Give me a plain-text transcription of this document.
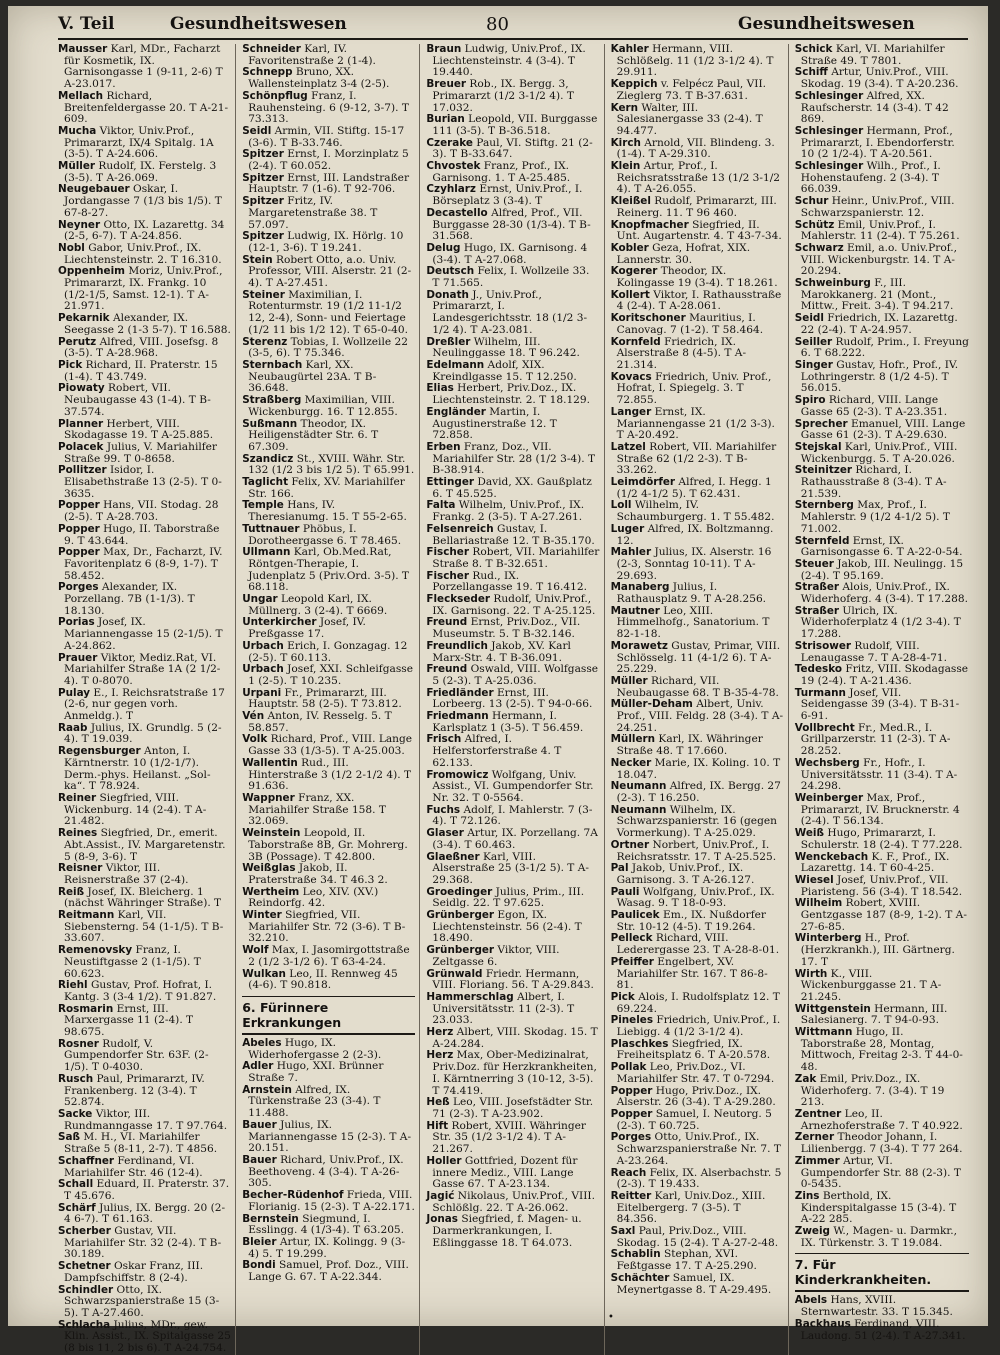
V. Teil	Gesundheitswesen	80	Gesundheitswesen

Mausser Karl, MDr., Facharzt für Kosmetik, IX. Garnisongasse 1 (9-11, 2-6) T A-23.017.

Mellach Richard, Breitenfeldergasse 20. T A-21-609.

Mucha Viktor, Univ.Prof., Primararzt, IX/4 Spitalg. 1A (3-5). T A-24.606.

Müller Rudolf, IX. Ferstelg. 3 (3-5). T A-26.069.

Neugebauer Oskar, I. Jordangasse 7 (1/3 bis 1/5). T 67-8-27.

Neyner Otto, IX. Lazarettg. 34 (2-5, 6-7). T A-24.856.

Nobl Gabor, Univ.Prof., IX. Liechtensteinstr. 2. T 16.310.

Oppenheim Moriz, Univ.Prof., Primararzt, IX. Frankg. 10 (1/2-1/5, Samst. 12-1). T A-21.971.

Pekarnik Alexander, IX. Seegasse 2 (1-3 5-7). T 16.588.

Perutz Alfred, VIII. Josefsg. 8 (3-5). T A-28.968.

Pick Richard, II. Praterstr. 15 (1-4). T 43.749.

Piowaty Robert, VII. Neubaugasse 43 (1-4). T B-37.574.

Planner Herbert, VIII. Skodagasse 19. T A-25.885.

Polacek Julius, V. Mariahilfer Straße 99. T 0-8658.

Pollitzer Isidor, I. Elisabethstraße 13 (2-5). T 0-3635.

Popper Hans, VII. Stodag. 28 (2-5). T A-28.703.

Popper Hugo, II. Taborstraße 9. T 43.644.

Popper Max, Dr., Facharzt, IV. Favoritenplatz 6 (8-9, 1-7). T 58.452.

Porges Alexander, IX. Porzellang. 7B (1-1/3). T 18.130.

Porias Josef, IX. Mariannengasse 15 (2-1/5). T A-24.862.

Prauer Viktor, Mediz.Rat, VI. Mariahilfer Straße 1A (2 1/2-4). T 0-8070.

Pulay E., I. Reichsratstraße 17 (2-6, nur gegen vorh. Anmeldg.). T

Raab Julius, IX. Grundlg. 5 (2-4). T 19.039.

Regensburger Anton, I. Kärntnerstr. 10 (1/2-1/7). Derm.-phys. Heilanst. „Sol-ka“. T 78.924.

Reiner Siegfried, VIII. Wickenburg. 14 (2-4). T A-21.482.

Reines Siegfried, Dr., emerit. Abt.Assist., IV. Margaretenstr. 5 (8-9, 3-6). T

Reisner Viktor, III. Reisnerstraße 37 (2-4).

Reiß Josef, IX. Bleicherg. 1 (nächst Währinger Straße). T

Reitmann Karl, VII. Siebensterng. 54 (1-1/5). T B-33.607.

Remenovsky Franz, I. Neustiftgasse 2 (1-1/5). T 60.623.

Riehl Gustav, Prof. Hofrat, I. Kantg. 3 (3-4 1/2). T 91.827.

Rosmarin Ernst, III. Marxergasse 11 (2-4). T 98.675.

Rosner Rudolf, V. Gumpendorfer Str. 63F. (2-1/5). T 0-4030.

Rusch Paul, Primararzt, IV. Frankenberg. 12 (3-4). T 52.874.

Sacke Viktor, III. Rundmanngasse 17. T 97.764.

Saß M. H., VI. Mariahilfer Straße 5 (8-11, 2-7). T 4856.

Schaffner Ferdinand, VI. Mariahilfer Str. 46 (12-4).

Schall Eduard, II. Praterstr. 37. T 45.676.

Schärf Julius, IX. Bergg. 20 (2-4 6-7). T 61.163.

Scherber Gustav, VII. Mariahilfer Str. 32 (2-4). T B-30.189.

Schetner Oskar Franz, III. Dampfschiffstr. 8 (2-4).

Schindler Otto, IX. Schwarzspanierstraße 15 (3-5). T A-27.460.

Schlacha Julius, MDr., gew. Klin. Assist., IX. Spitalgasse 25 (8 bis 11, 2 bis 6). T A-24.754.

Schneider Karl, IV. Favoritenstraße 2 (1-4).

Schnepp Bruno, XX. Wallensteinplatz 3-4 (2-5).

Schönpflug Franz, I. Rauhensteing. 6 (9-12, 3-7). T 73.313.

Seidl Armin, VII. Stiftg. 15-17 (3-6). T B-33.746.

Spitzer Ernst, I. Morzinplatz 5 (2-4). T 60.052.

Spitzer Ernst, III. Landstraßer Hauptstr. 7 (1-6). T 92-706.

Spitzer Fritz, IV. Margaretenstraße 38. T 57.097.

Spitzer Ludwig, IX. Hörlg. 10 (12-1, 3-6). T 19.241.

Stein Robert Otto, a.o. Univ. Professor, VIII. Alserstr. 21 (2-4). T A-27.451.

Steiner Maximilian, I. Rotenturmstr. 19 (1/2 11-1/2 12, 2-4), Sonn- und Feiertage (1/2 11 bis 1/2 12). T 65-0-40.

Sterenz Tobias, I. Wollzeile 22 (3-5, 6). T 75.346.

Sternbach Karl, XX. Neubaugürtel 23A. T B-36.648.

Straßberg Maximilian, VIII. Wickenburgg. 16. T 12.855.

Sußmann Theodor, IX. Heiligenstädter Str. 6. T 67.309.

Szandicz St., XVIII. Währ. Str. 132 (1/2 3 bis 1/2 5). T 65.991.

Taglicht Felix, XV. Mariahilfer Str. 166.

Temple Hans, IV. Theresianumg. 15. T 55-2-65.

Tuttnauer Phöbus, I. Dorotheergasse 6. T 78.465.

Ullmann Karl, Ob.Med.Rat, Röntgen-Therapie, I. Judenplatz 5 (Priv.Ord. 3-5). T 68.118.

Ungar Leopold Karl, IX. Müllnerg. 3 (2-4). T 6669.

Unterkircher Josef, IV. Preßgasse 17.

Urbach Erich, I. Gonzagag. 12 (2-5). T 60.113.

Urbach Josef, XXI. Schleifgasse 1 (2-5). T 10.235.

Urpani Fr., Primararzt, III. Hauptstr. 58 (2-5). T 73.812.

Vén Anton, IV. Resselg. 5. T 58.857.

Volk Richard, Prof., VIII. Lange Gasse 33 (1/3-5). T A-25.003.

Wallentin Rud., III. Hinterstraße 3 (1/2 2-1/2 4). T 91.636.

Wappner Franz, XX. Mariahilfer Straße 158. T 32.069.

Weinstein Leopold, II. Taborstraße 8B, Gr. Mohrerg. 3B (Possage). T 42.800.

Weißglas Jakob, II. Praterstraße 34. T 46.3 2.

Wertheim Leo, XIV. (XV.) Reindorfg. 42.

Winter Siegfried, VII. Mariahilfer Str. 72 (3-6). T B-32.210.

Wolf Max, I. Jasomirgottstraße 2 (1/2 3-1/2 6). T 63-4-24.

Wulkan Leo, II. Rennweg 45 (4-6). T 90.818.

6. Fürinnere Erkrankungen

Abeles Hugo, IX. Widerhofergasse 2 (2-3).

Adler Hugo, XXI. Brünner Straße 7.

Arnstein Alfred, IX. Türkenstraße 23 (3-4). T 11.488.

Bauer Julius, IX. Mariannengasse 15 (2-3). T A-20.151.

Bauer Richard, Univ.Prof., IX. Beethoveng. 4 (3-4). T A-26-305.

Becher-Rüdenhof Frieda, VIII. Florianig. 15 (2-3). T A-22.171.

Bernstein Siegmund, I. Esslingg. 4 (1/3-4). T 63.205.

Bleier Artur, IX. Kolingg. 9 (3-4) 5. T 19.299.

Bondi Samuel, Prof. Doz., VIII. Lange G. 67. T A-22.344.

Braun Ludwig, Univ.Prof., IX. Liechtensteinstr. 4 (3-4). T 19.440.

Breuer Rob., IX. Bergg. 3, Primararzt (1/2 3-1/2 4). T 17.032.

Burian Leopold, VII. Burggasse 111 (3-5). T B-36.518.

Czerake Paul, VI. Stiftg. 21 (2-3). T B-33.647.

Chvostek Franz, Prof., IX. Garnisong. 1. T A-25.485.

Czyhlarz Ernst, Univ.Prof., I. Börseplatz 3 (3-4). T

Decastello Alfred, Prof., VII. Burggasse 28-30 (1/3-4). T B-31.568.

Delug Hugo, IX. Garnisong. 4 (3-4). T A-27.068.

Deutsch Felix, I. Wollzeile 33. T 71.565.

Donath J., Univ.Prof., Primararzt, I. Landesgerichtsstr. 18 (1/2 3-1/2 4). T A-23.081.

Dreßler Wilhelm, III. Neulinggasse 18. T 96.242.

Edelmann Adolf, XIX. Kreindlgasse 15. T 12.250.

Elias Herbert, Priv.Doz., IX. Liechtensteinstr. 2. T 18.129.

Engländer Martin, I. Augustinerstraße 12. T 72.858.

Erben Franz, Doz., VII. Mariahilfer Str. 28 (1/2 3-4). T B-38.914.

Ettinger David, XX. Gaußplatz 6. T 45.525.

Falta Wilhelm, Univ.Prof., IX. Frankg. 2 (3-5). T A-27.261.

Felsenreich Gustav, I. Bellariastraße 12. T B-35.170.

Fischer Robert, VII. Mariahilfer Straße 8. T B-32.651.

Fischer Rud., IX. Porzellangasse 19. T 16.412.

Fleckseder Rudolf, Univ.Prof., IX. Garnisong. 22. T A-25.125.

Freund Ernst, Priv.Doz., VII. Museumstr. 5. T B-32.146.

Freundlich Jakob, XV. Karl Marx-Str. 4. T B-36.091.

Freund Oswald, VIII. Wolfgasse 5 (2-3). T A-25.036.

Friedländer Ernst, III. Lorbeerg. 13 (2-5). T 94-0-66.

Friedmann Hermann, I. Karlsplatz 1 (3-5). T 56.459.

Frisch Alfred, I. Helferstorferstraße 4. T 62.133.

Fromowicz Wolfgang, Univ. Assist., VI. Gumpendorfer Str. Nr. 32. T 0-5564.

Fuchs Adolf, I. Mahlerstr. 7 (3-4). T 72.126.

Glaser Artur, IX. Porzellang. 7A (3-4). T 60.463.

Glaeßner Karl, VIII. Alserstraße 25 (3-1/2 5). T A-29.368.

Groedinger Julius, Prim., III. Seidlg. 22. T 97.625.

Grünberger Egon, IX. Liechtensteinstr. 56 (2-4). T 18.490.

Grünberger Viktor, VIII. Zeltgasse 6.

Grünwald Friedr. Hermann, VIII. Floriang. 56. T A-29.843.

Hammerschlag Albert, I. Universitätsstr. 11 (2-3). T 23.033.

Herz Albert, VIII. Skodag. 15. T A-24.284.

Herz Max, Ober-Medizinalrat, Priv.Doz. für Herzkrankheiten, I. Kärntnerring 3 (10-12, 3-5). T 74.419.

Heß Leo, VIII. Josefstädter Str. 71 (2-3). T A-23.902.

Hift Robert, XVIII. Währinger Str. 35 (1/2 3-1/2 4). T A-21.267.

Holler Gottfried, Dozent für innere Mediz., VIII. Lange Gasse 67. T A-23.134.

Jagić Nikolaus, Univ.Prof., VIII. Schlößlg. 22. T A-26.062.

Jonas Siegfried, f. Magen- u. Darmerkrankungen, I. Eßlinggasse 18. T 64.073.

Kahler Hermann, VIII. Schlößelg. 11 (1/2 3-1/2 4). T 29.911.

Keppich v. Felpécz Paul, VII. Zieglerg 73. T B-37.631.

Kern Walter, III. Salesianergasse 33 (2-4). T 94.477.

Kirch Arnold, VII. Blindeng. 3. (1-4). T A-29.310.

Klein Artur, Prof., I. Reichsratsstraße 13 (1/2 3-1/2 4). T A-26.055.

Kleißel Rudolf, Primararzt, III. Reinerg. 11. T 96 460.

Knopfmacher Siegfried, II. Unt. Augartenstr. 4. T 43-7-34.

Kobler Geza, Hofrat, XIX. Lannerstr. 30.

Kogerer Theodor, IX. Kolingasse 19 (3-4). T 18.261.

Kollert Viktor, I. Rathausstraße 4 (2-4). T A-28.061.

Koritschoner Mauritius, I. Canovag. 7 (1-2). T 58.464.

Kornfeld Friedrich, IX. Alserstraße 8 (4-5). T A-21.314.

Kovacs Friedrich, Univ. Prof., Hofrat, I. Spiegelg. 3. T 72.855.

Langer Ernst, IX. Mariannengasse 21 (1/2 3-3). T A-20.492.

Latzel Robert, VII. Mariahilfer Straße 62 (1/2 2-3). T B-33.262.

Leimdörfer Alfred, I. Hegg. 1 (1/2 4-1/2 5). T 62.431.

Loll Wilhelm, IV. Schaumburgerg. 1. T 55.482.

Luger Alfred, IX. Boltzmanng. 12.

Mahler Julius, IX. Alserstr. 16 (2-3, Sonntag 10-11). T A-29.693.

Manaberg Julius, I. Rathausplatz 9. T A-28.256.

Mautner Leo, XIII. Himmelhofg., Sanatorium. T 82-1-18.

Morawetz Gustav, Primar, VIII. Schlösselg. 11 (4-1/2 6). T A-25.229.

Müller Richard, VII. Neubaugasse 68. T B-35-4-78.

Müller-Deham Albert, Univ. Prof., VIII. Feldg. 28 (3-4). T A-24.251.

Müllern Karl, IX. Währinger Straße 48. T 17.660.

Necker Marie, IX. Koling. 10. T 18.047.

Neumann Alfred, IX. Bergg. 27 (2-3). T 16.250.

Neumann Wilhelm, IX. Schwarzspanierstr. 16 (gegen Vormerkung). T A-25.029.

Ortner Norbert, Univ.Prof., I. Reichsratsstr. 17. T A-25.525.

Pal Jakob, Univ.Prof., IX. Garnisong. 3. T A-26.127.

Pauli Wolfgang, Univ.Prof., IX. Wasag. 9. T 18-0-93.

Paulicek Em., IX. Nußdorfer Str. 10-12 (4-5). T 19.264.

Pelleck Richard, VIII. Lederergasse 23. T A-28-8-01.

Pfeiffer Engelbert, XV. Mariahilfer Str. 167. T 86-8-81.

Pick Alois, I. Rudolfsplatz 12. T 69.224.

Pineles Friedrich, Univ.Prof., I. Liebigg. 4 (1/2 3-1/2 4).

Plaschkes Siegfried, IX. Freiheitsplatz 6. T A-20.578.

Pollak Leo, Priv.Doz., VI. Mariahilfer Str. 47. T 0-7294.

Popper Hugo, Priv.Doz., IX. Alserstr. 26 (3-4). T A-29.280.

Popper Samuel, I. Neutorg. 5 (2-3). T 60.725.

Porges Otto, Univ.Prof., IX. Schwarzspanierstraße Nr. 7. T A-23.264.

Reach Felix, IX. Alserbachstr. 5 (2-3). T 19.433.

Reitter Karl, Univ.Doz., XIII. Eitelbergerg. 7 (3-5). T 84.356.

Saxl Paul, Priv.Doz., VIII. Skodag. 15 (2-4). T A-27-2-48.

Schablin Stephan, XVI. Feßtgasse 17. T A-25.290.

Schächter Samuel, IX. Meynertgasse 8. T A-29.495.

Schick Karl, VI. Mariahilfer Straße 49. T 7801.

Schiff Artur, Univ.Prof., VIII. Skodag. 19 (3-4). T A-20.236.

Schlesinger Alfred, XX. Raufscherstr. 14 (3-4). T 42 869.

Schlesinger Hermann, Prof., Primararzt, I. Ebendorferstr. 10 (2 1/2-4). T A-20.561.

Schlesinger Wilh., Prof., I. Hohenstaufeng. 2 (3-4). T 66.039.

Schur Heinr., Univ.Prof., VIII. Schwarzspanierstr. 12.

Schütz Emil, Univ.Prof., I. Mahlerstr. 11 (2-4). T 75.261.

Schwarz Emil, a.o. Univ.Prof., VIII. Wickenburgstr. 14. T A-20.294.

Schweinburg F., III. Marokkanerg. 21 (Mont., Mittw., Freit. 3-4). T 94.217.

Seidl Friedrich, IX. Lazarettg. 22 (2-4). T A-24.957.

Seiller Rudolf, Prim., I. Freyung 6. T 68.222.

Singer Gustav, Hofr., Prof., IV. Lothringerstr. 8 (1/2 4-5). T 56.015.

Spiro Richard, VIII. Lange Gasse 65 (2-3). T A-23.351.

Sprecher Emanuel, VIII. Lange Gasse 61 (2-3). T A-29.630.

Stejskal Karl, Univ.Prof., VIII. Wickenburgg. 5. T A-20.026.

Steinitzer Richard, I. Rathausstraße 8 (3-4). T A-21.539.

Sternberg Max, Prof., I. Mahlerstr. 9 (1/2 4-1/2 5). T 71.002.

Sternfeld Ernst, IX. Garnisongasse 6. T A-22-0-54.

Steuer Jakob, III. Neulingg. 15 (2-4). T 95.169.

Straßer Alois, Univ.Prof., IX. Widerhoferg. 4 (3-4). T 17.288.

Straßer Ulrich, IX. Widerhoferplatz 4 (1/2 3-4). T 17.288.

Strisower Rudolf, VIII. Lenaugasse 7. T A-28-4-71.

Tedesko Fritz, VIII. Skodagasse 19 (2-4). T A-21.436.

Turmann Josef, VII. Seidengasse 39 (3-4). T B-31-6-91.

Vollbrecht Fr., Med.R., I. Grillparzerstr. 11 (2-3). T A-28.252.

Wechsberg Fr., Hofr., I. Universitätsstr. 11 (3-4). T A-24.298.

Weinberger Max, Prof., Primararzt, IV. Brucknerstr. 4 (2-4). T 56.134.

Weiß Hugo, Primararzt, I. Schulerstr. 18 (2-4). T 77.228.

Wenckebach K. F., Prof., IX. Lazarettg. 14. T 60-4-25.

Wiesel Josef, Univ.Prof., VII. Piaristeng. 56 (3-4). T 18.542.

Wilheim Robert, XVIII. Gentzgasse 187 (8-9, 1-2). T A-27-6-85.

Winterberg H., Prof. (Herzkrankh.), III. Gärtnerg. 17. T

Wirth K., VIII. Wickenburggasse 21. T A-21.245.

Wittgenstein Hermann, III. Salesianerg. 7. T 94-0-93.

Wittmann Hugo, II. Taborstraße 28, Montag, Mittwoch, Freitag 2-3. T 44-0-48.

Zak Emil, Priv.Doz., IX. Widerhoferg. 7. (3-4). T 19 213.

Zentner Leo, II. Arnezhoferstraße 7. T 40.922.

Zerner Theodor Johann, I. Lilienbergg. 7 (3-4). T 77 264.

Zimmer Artur, VI. Gumpendorfer Str. 88 (2-3). T 0-5435.

Zins Berthold, IX. Kinderspitalgasse 15 (3-4). T A-22 285.

Zweig W., Magen- u. Darmkr., IX. Türkenstr. 3. T 19.084.

7. Für Kinderkrankheiten.

Abels Hans, XVIII. Sternwartestr. 33. T 15.345.

Backhaus Ferdinand, VIII. Laudong. 51 (2-4). T A-27.341.

•
